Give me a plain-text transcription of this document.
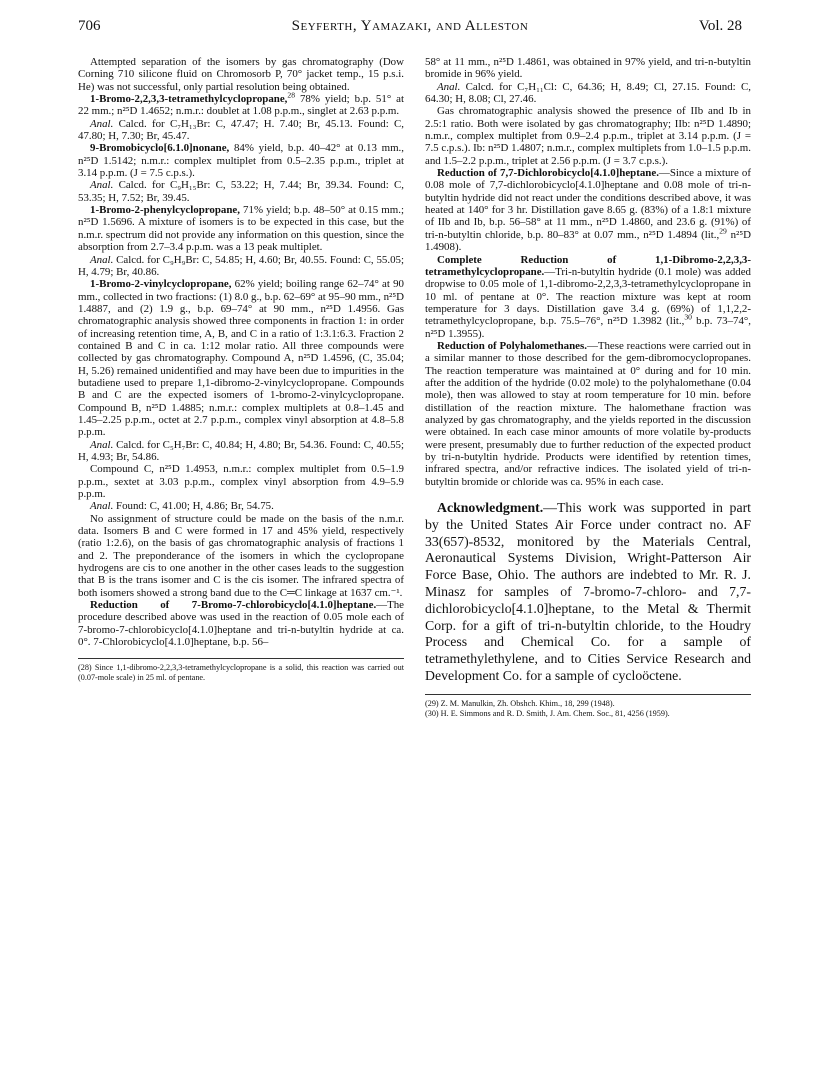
706	Seyferth, Yamazaki, and Alleston	Vol. 28

Attempted separation of the isomers by gas chromatography (Dow Corning 710 silicone fluid on Chromosorb P, 70° jacket temp., 15 p.s.i. He) was not successful, only partial resolution being obtained.

1-Bromo-2,2,3,3-tetramethylcyclopropane,$^{28}$ 78% yield; b.p. 51° at 22 mm.; n²⁵D 1.4652; n.m.r.: doublet at 1.08 p.p.m., singlet at 2.63 p.p.m.

Anal. Calcd. for C₇H₁₃Br: C, 47.47; H. 7.40; Br, 45.13. Found: C, 47.80; H, 7.30; Br, 45.47.

9-Bromobicyclo[6.1.0]nonane, 84% yield, b.p. 40–42° at 0.13 mm., n²⁵D 1.5142; n.m.r.: complex multiplet from 0.5–2.35 p.p.m., triplet at 3.14 p.p.m. (J = 7.5 c.p.s.).

Anal. Calcd. for C₉H₁₅Br: C, 53.22; H, 7.44; Br, 39.34. Found: C, 53.35; H, 7.52; Br, 39.45.

1-Bromo-2-phenylcyclopropane, 71% yield; b.p. 48–50° at 0.15 mm.; n²⁵D 1.5696. A mixture of isomers is to be expected in this case, but the n.m.r. spectrum did not provide any information on this question, since the absorption from 2.7–3.4 p.p.m. was a 13 peak multiplet.

Anal. Calcd. for C₉H₉Br: C, 54.85; H, 4.60; Br, 40.55. Found: C, 55.05; H, 4.79; Br, 40.86.

1-Bromo-2-vinylcyclopropane, 62% yield; boiling range 62–74° at 90 mm., collected in two fractions: (1) 8.0 g., b.p. 62–69° at 95–90 mm., n²⁵D 1.4887, and (2) 1.9 g., b.p. 69–74° at 90 mm., n²⁵D 1.4956. Gas chromatographic analysis showed three components in fraction 1: in order of increasing retention time, A, B, and C in a ratio of 1:3.1:6.3. Fraction 2 contained B and C in ca. 1:12 molar ratio. All three compounds were collected by gas chromatography. Compound A, n²⁵D 1.4596, (C, 35.04; H, 5.26) remained unidentified and may have been due to impurities in the butadiene used to prepare 1,1-dibromo-2-vinylcyclopropane. Compounds B and C are the expected isomers of 1-bromo-2-vinylcyclopropane. Compound B, n²⁵D 1.4885; n.m.r.: complex multiplets at 0.8–1.45 and 1.45–2.25 p.p.m., octet at 2.7 p.p.m., complex vinyl absorption at 4.8–5.8 p.p.m.

Anal. Calcd. for C₅H₇Br: C, 40.84; H, 4.80; Br, 54.36. Found: C, 40.55; H, 4.93; Br, 54.86.

Compound C, n²⁵D 1.4953, n.m.r.: complex multiplet from 0.5–1.9 p.p.m., sextet at 3.03 p.p.m., complex vinyl absorption from 4.9–5.9 p.p.m.

Anal. Found: C, 41.00; H, 4.86; Br, 54.75.

No assignment of structure could be made on the basis of the n.m.r. data. Isomers B and C were formed in 17 and 45% yield, respectively (ratio 1:2.6), on the basis of gas chromatographic analysis of fractions 1 and 2. The preponderance of the isomers in which the cyclopropane hydrogens are cis to one another in the other cases leads to the suggestion that B is the trans isomer and C is the cis isomer. The infrared spectra of both isomers showed a strong band due to the C═C linkage at 1637 cm.⁻¹.

Reduction of 7-Bromo-7-chlorobicyclo[4.1.0]heptane.—The procedure described above was used in the reaction of 0.05 mole each of 7-bromo-7-chlorobicyclo[4.1.0]heptane and tri-n-butyltin hydride at ca. 0°. 7-Chlorobicyclo[4.1.0]heptane, b.p. 56–

(28) Since 1,1-dibromo-2,2,3,3-tetramethylcyclopropane is a solid, this reaction was carried out (0.07-mole scale) in 25 ml. of pentane.

58° at 11 mm., n²⁵D 1.4861, was obtained in 97% yield, and tri-n-butyltin bromide in 96% yield.

Anal. Calcd. for C₇H₁₁Cl: C, 64.36; H, 8.49; Cl, 27.15. Found: C, 64.30; H, 8.08; Cl, 27.46.

Gas chromatographic analysis showed the presence of IIb and Ib in 2.5:1 ratio. Both were isolated by gas chromatography; IIb: n²⁵D 1.4890; n.m.r., complex multiplet from 0.9–2.4 p.p.m., triplet at 3.14 p.p.m. (J = 7.5 c.p.s.). Ib: n²⁵D 1.4807; n.m.r., complex multiplets from 1.0–1.5 p.p.m. and 1.5–2.2 p.p.m., triplet at 2.56 p.p.m. (J = 3.7 c.p.s.).

Reduction of 7,7-Dichlorobicyclo[4.1.0]heptane.—Since a mixture of 0.08 mole of 7,7-dichlorobicyclo[4.1.0]heptane and 0.08 mole of tri-n-butyltin hydride did not react under the conditions described above, it was heated at 140° for 3 hr. Distillation gave 8.65 g. (83%) of a 1.8:1 mixture of IIb and Ib, b.p. 56–58° at 11 mm., n²⁵D 1.4860, and 23.6 g. (91%) of tri-n-butyltin chloride, b.p. 80–83° at 0.07 mm., n²⁵D 1.4894 (lit.,$^{29}$ n²⁵D 1.4908).

Complete Reduction of 1,1-Dibromo-2,2,3,3-tetramethylcyclopropane.—Tri-n-butyltin hydride (0.1 mole) was added dropwise to 0.05 mole of 1,1-dibromo-2,2,3,3-tetramethylcyclopropane in 10 ml. of pentane at 0°. The reaction mixture was kept at room temperature for 3 days. Distillation gave 3.4 g. (69%) of 1,1,2,2-tetramethylcyclopropane, b.p. 75.5–76°, n²⁵D 1.3982 (lit.,$^{30}$ b.p. 73–74°, n²⁵D 1.3955).

Reduction of Polyhalomethanes.—These reactions were carried out in a similar manner to those described for the gem-dibromocyclopropanes. The reaction temperature was maintained at 0° during and for 10 min. after the addition of the hydride (0.02 mole) to the polyhalomethane (0.04 mole), then was allowed to stay at room temperature for 10 min. before distillation of the reaction mixture. The halomethane fraction was analyzed by gas chromatography, and the yields reported in the discussion were obtained. In each case minor amounts of more volatile by-products were present, presumably due to further reduction of the expected product by tri-n-butyltin hydride. Products were identified by retention times, infrared spectra, and/or refractive indices. The isolated yield of tri-n-butyltin bromide or chloride was ca. 95% in each case.

Acknowledgment.—This work was supported in part by the United States Air Force under contract no. AF 33(657)-8532, monitored by the Materials Central, Aeronautical Systems Division, Wright-Patterson Air Force Base, Ohio. The authors are indebted to Mr. R. J. Minasz for samples of 7-bromo-7-chloro- and 7,7-dichlorobicyclo[4.1.0]heptane, to the Metal & Thermit Corp. for a gift of tri-n-butyltin chloride, to the Houdry Process and Chemical Co. for a sample of tetramethylethylene, and to Cities Service Research and Development Co. for a sample of cycloöctene.

(29) Z. M. Manulkin, Zh. Obshch. Khim., 18, 299 (1948).

(30) H. E. Simmons and R. D. Smith, J. Am. Chem. Soc., 81, 4256 (1959).
